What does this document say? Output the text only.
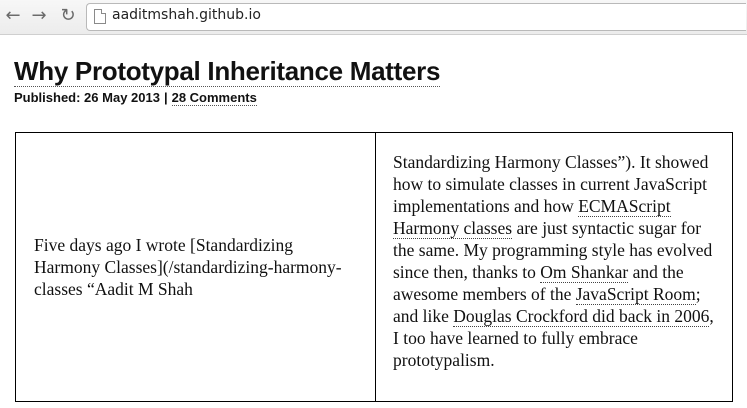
← → ↻	aaditmshah.github.io
Why Prototypal Inheritance Matters
Published: 26 May 2013 | 28 Comments
Five days ago I wrote [Standardizing Harmony Classes](/standardizing-harmony-classes “Aadit M Shah
Standardizing Harmony Classes”). It showed how to simulate classes in current JavaScript implementations and how ECMAScript Harmony classes are just syntactic sugar for the same. My programming style has evolved since then, thanks to Om Shankar and the awesome members of the JavaScript Room; and like Douglas Crockford did back in 2006, I too have learned to fully embrace prototypalism.
